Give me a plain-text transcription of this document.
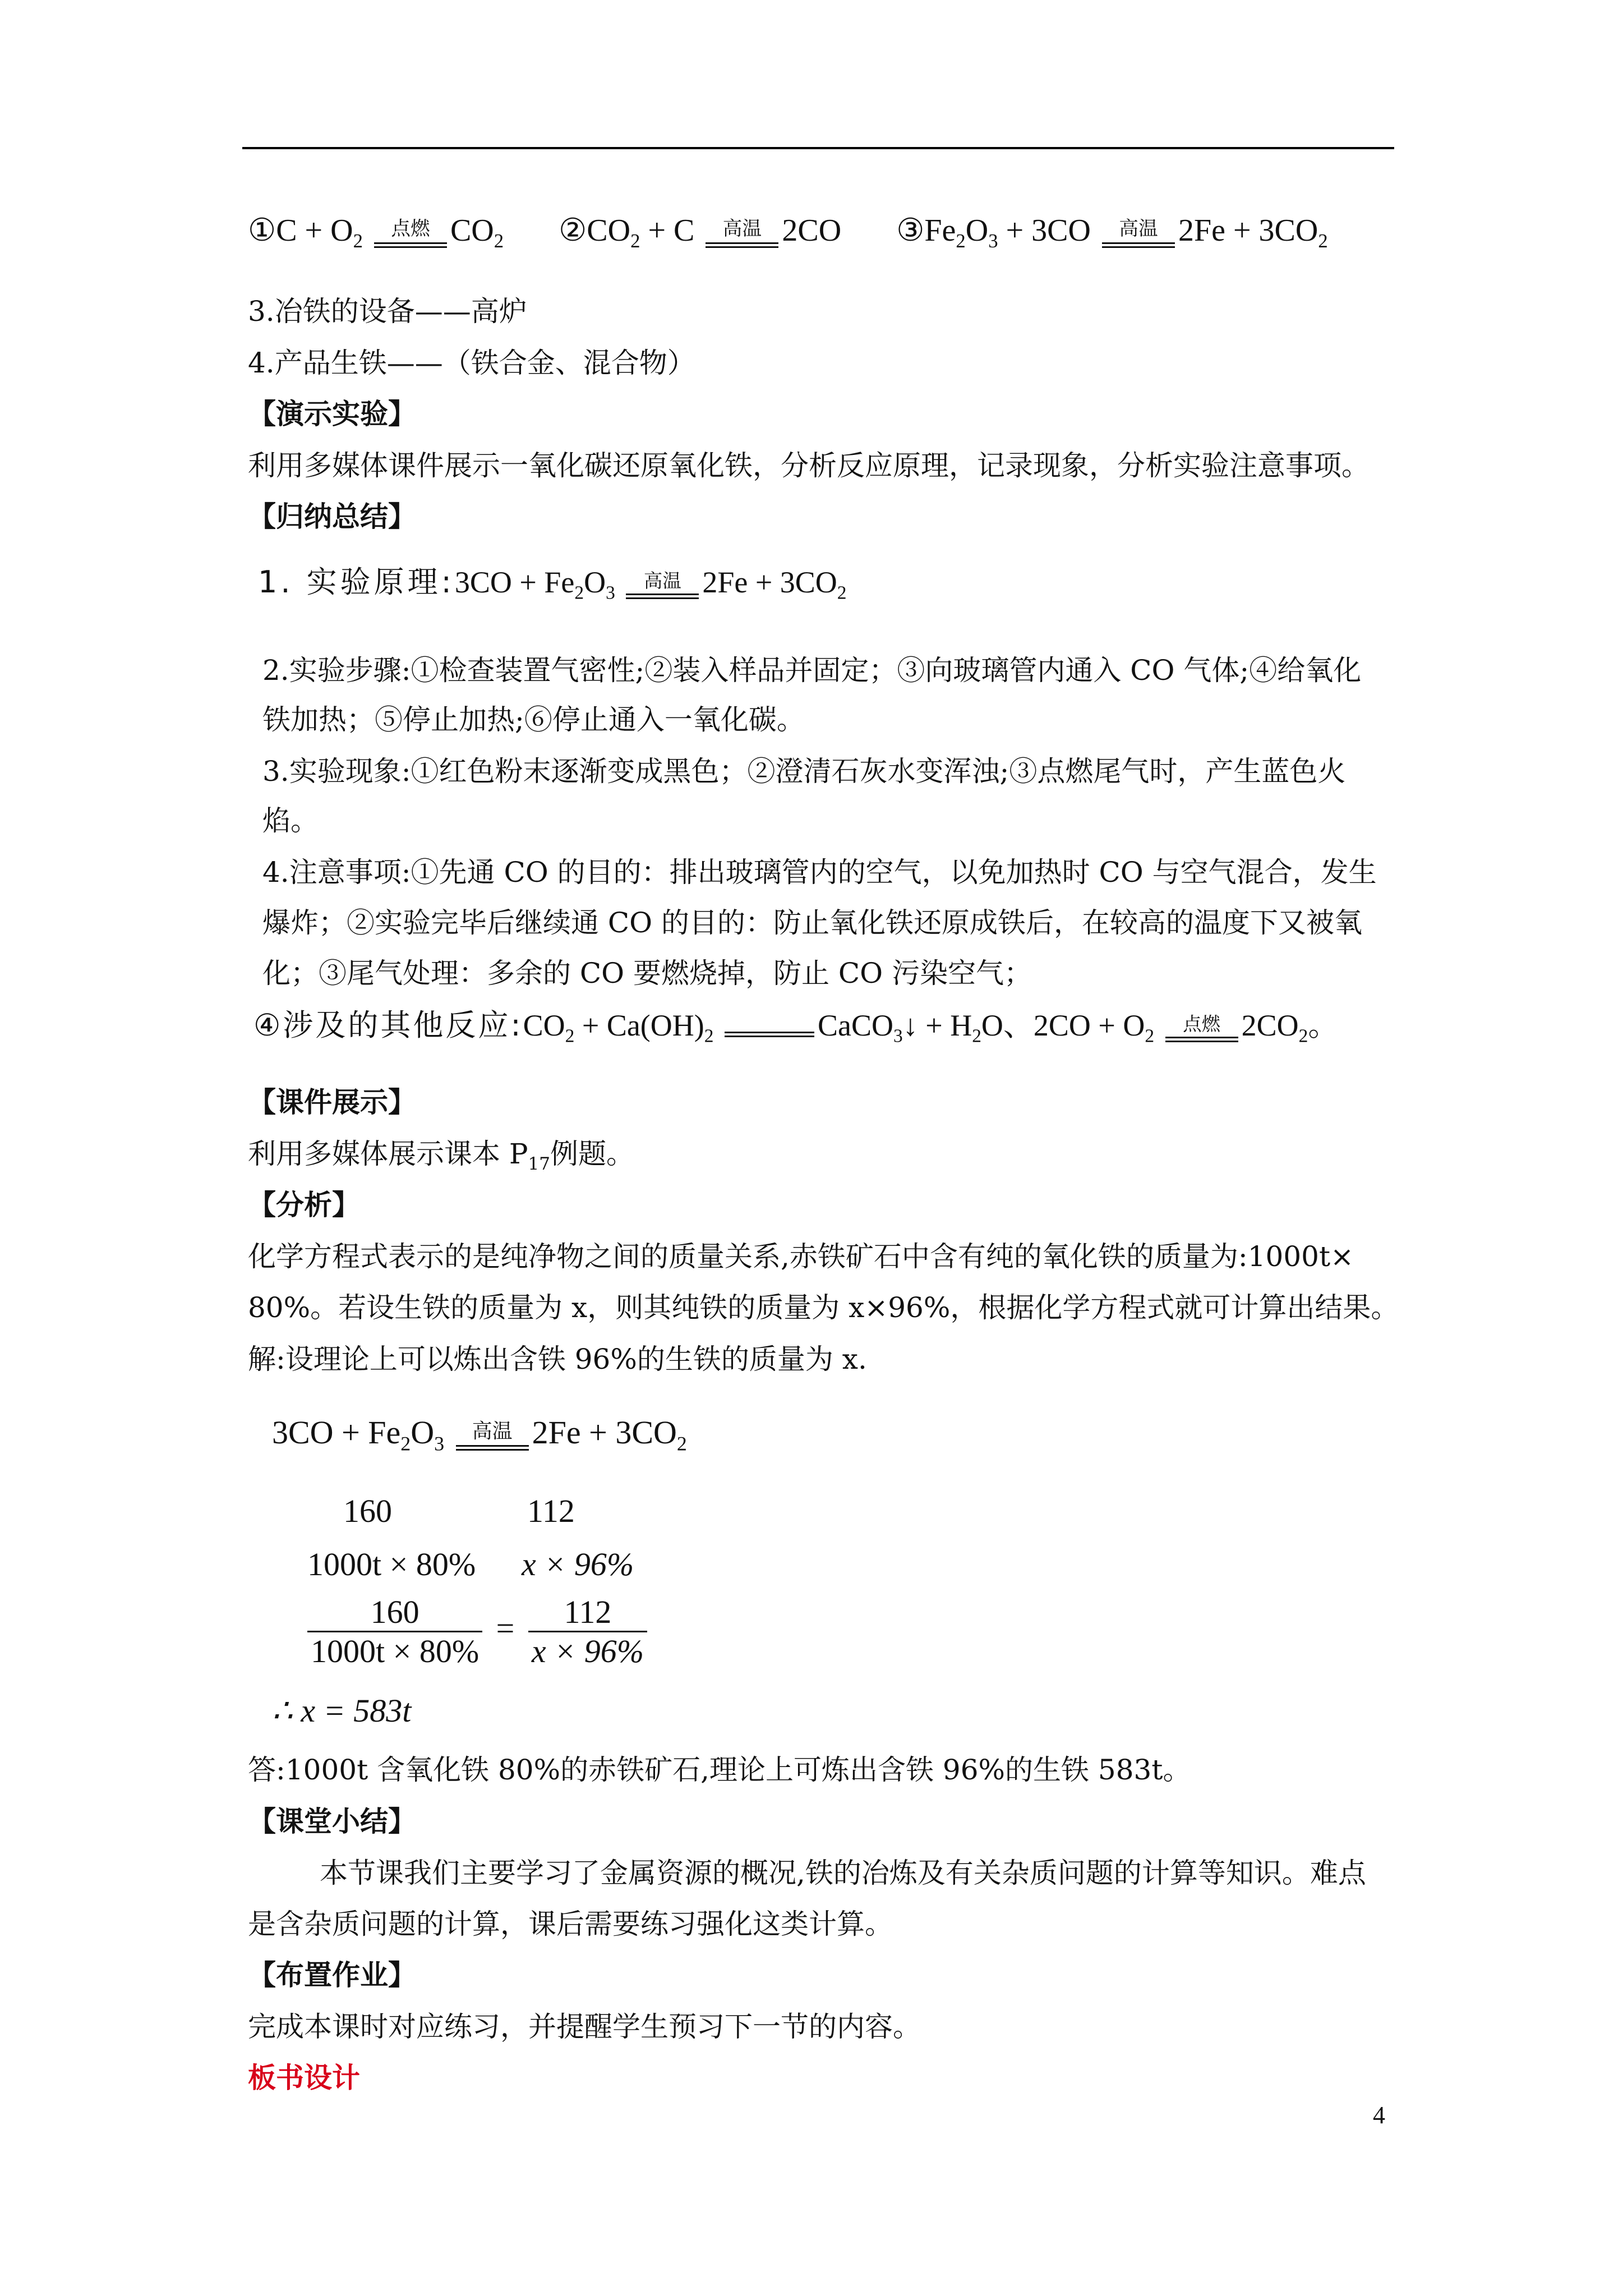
①C + $O_2$
点燃 $CO_2$ $②CO_2 + C$	高温 2CO $③Fe_2O_3 + 3CO$	高温 $2Fe + 3CO_2$
3.冶铁的设备——高炉
4.产品生铁——（铁合金、混合物）
【演示实验】
利用多媒体课件展示一氧化碳还原氧化铁，分析反应原理，记录现象，分析实验注意事项。
【归纳总结】
1. 实验原理:3CO + $Fe_2O_3$
高温 $2Fe + 3CO_2$
2.实验步骤:①检查装置气密性;②装入样品并固定；③向玻璃管内通入 CO 气体;④给氧化
铁加热；⑤停止加热;⑥停止通入一氧化碳。
3.实验现象:①红色粉末逐渐变成黑色；②澄清石灰水变浑浊;③点燃尾气时，产生蓝色火
焰。
4.注意事项:①先通 CO 的目的：排出玻璃管内的空气，以免加热时 CO 与空气混合，发生
爆炸；②实验完毕后继续通 CO 的目的：防止氧化铁还原成铁后，在较高的温度下又被氧
化；③尾气处理：多余的 CO 要燃烧掉，防止 CO 污染空气；
④涉及的其他反应$:CO_2 + Ca(OH)_2$	CaCO$_3$↓ + $H_2O$、$2CO + O_2$
点燃 $2CO_2$。
【课件展示】
利用多媒体展示课本 $P_{17}$例题。
【分析】
化学方程式表示的是纯净物之间的质量关系,赤铁矿石中含有纯的氧化铁的质量为:1000t×
80%。若设生铁的质量为 x，则其纯铁的质量为 x×96%，根据化学方程式就可计算出结果。
解:设理论上可以炼出含铁 96%的生铁的质量为 x.
$3CO + Fe_2O_3$
高温 $2Fe + 3CO_2$
160	112
1000t × 80% x × 96%
$\frac{160}{1000t \times 80\%} = \frac{112}{x \times 96\%}$
∴ x = 583t
答:1000t 含氧化铁 80%的赤铁矿石,理论上可炼出含铁 96%的生铁 583t。
【课堂小结】
本节课我们主要学习了金属资源的概况,铁的冶炼及有关杂质问题的计算等知识。难点
是含杂质问题的计算，课后需要练习强化这类计算。
【布置作业】
完成本课时对应练习，并提醒学生预习下一节的内容。
板书设计
4
